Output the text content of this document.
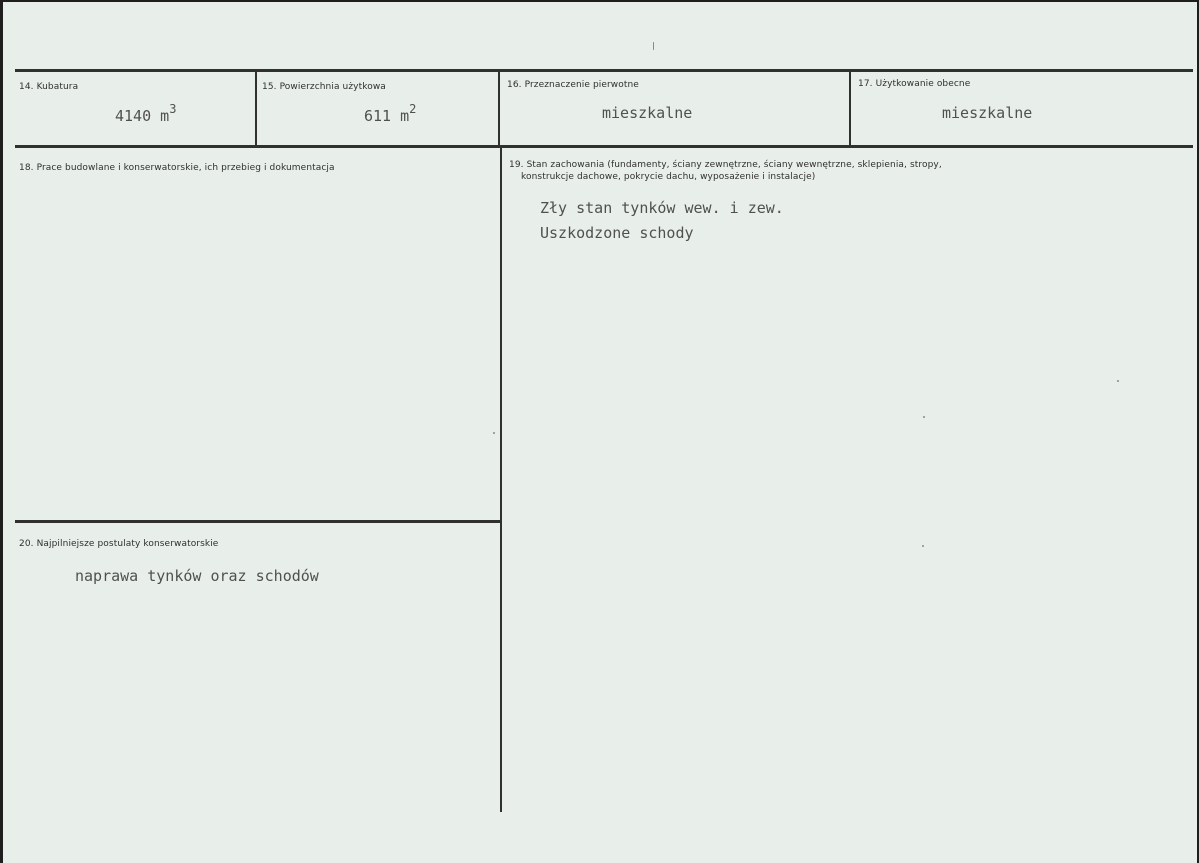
14. Kubatura
4140 $m^3$
15. Powierzchnia użytkowa
611 $m^2$
16. Przeznaczenie pierwotne
mieszkalne
17. Użytkowanie obecne
mieszkalne
18. Prace budowlane i konserwatorskie, ich przebieg i dokumentacja	19. Stan zachowania (fundamenty, ściany zewnętrzne, ściany wewnętrzne, sklepienia, stropy,
konstrukcje dachowe, pokrycie dachu, wyposażenie i instalacje)
Zły stan tynków wew. i zew.
Uszkodzone schody
20. Najpilniejsze postulaty konserwatorskie
naprawa tynków oraz schodów
